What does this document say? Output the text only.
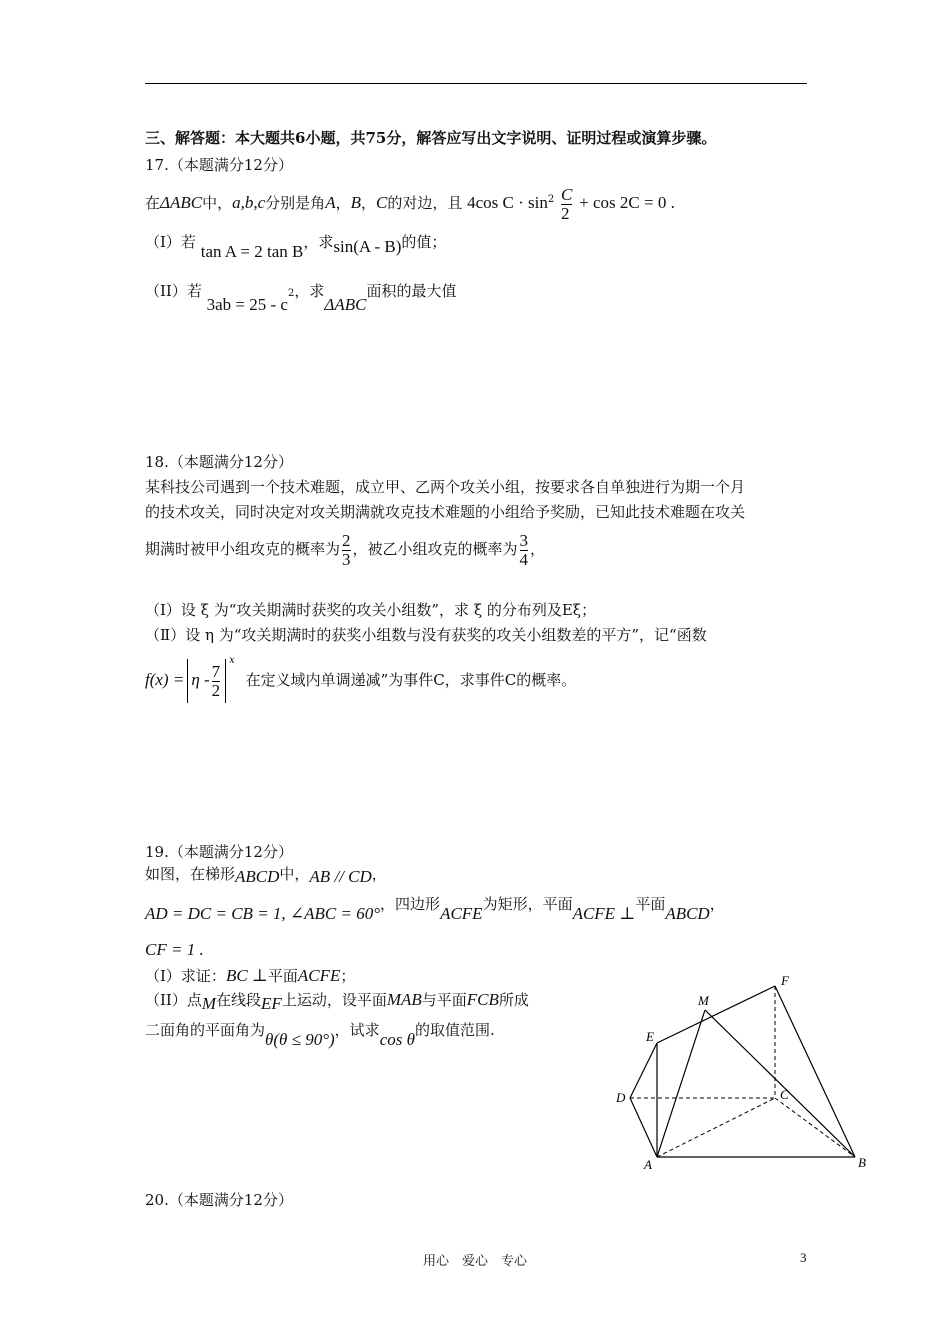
三、解答题：本大题共6小题，共75分，解答应写出文字说明、证明过程或演算步骤。
17.（本题满分12分）
在ΔABC中，a,b,c分别是角A，B，C的对边，且 4cos $C \cdot \sin^2 \frac{C}{2} + \cos 2C = 0$ .
（I）若 tan A = 2 tan B，求sin(A - B)的值；
（II）若 $3ab = 25 - c^2$，求ΔABC面积的最大值
18.（本题满分12分）
某科技公司遇到一个技术难题，成立甲、乙两个攻关小组，按要求各自单独进行为期一个月
的技术攻关，同时决定对攻关期满就攻克技术难题的小组给予奖励，已知此技术难题在攻关
期满时被甲小组攻克的概率为 $\frac{2}{3}$ ，被乙小组攻克的概率为 $\frac{3}{4}$ ，
（Ⅰ）设 ξ 为“攻关期满时获奖的攻关小组数”，求 ξ 的分布列及Eξ；
（Ⅱ）设 η 为“攻关期满时的获奖小组数与没有获奖的攻关小组数差的平方”，记“函数
$f(x) = \eta - \frac{7}{2}$
$^x$ 在定义域内单调递减”为事件C，求事件C的概率。
19.（本题满分12分）
如图，在梯形ABCD中，AB // CD，
AD = DC = CB = 1, ∠ABC = 60°，四边形ACFE为矩形，平面ACFE ⊥平面ABCD，
CF = 1 .
（I）求证：BC ⊥平面ACFE；
（II）点M在线段EF上运动，设平面MAB与平面FCB所成
二面角的平面角为θ(θ ≤ 90°)，试求cos θ的取值范围.	E
M
F
D	C
A	B
20.（本题满分12分）
用心　爱心　专心	3
